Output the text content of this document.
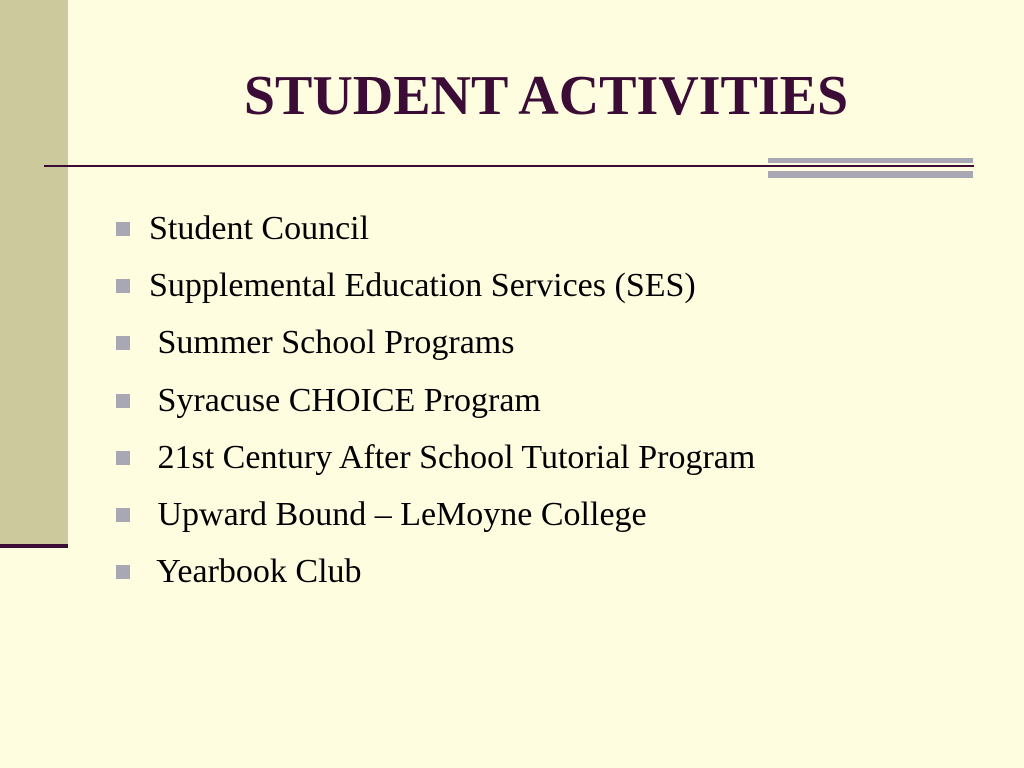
STUDENT ACTIVITIES
Student Council
Supplemental Education Services (SES)
Summer School Programs
Syracuse CHOICE Program
21st Century After School Tutorial Program
Upward Bound – LeMoyne College
Yearbook Club
